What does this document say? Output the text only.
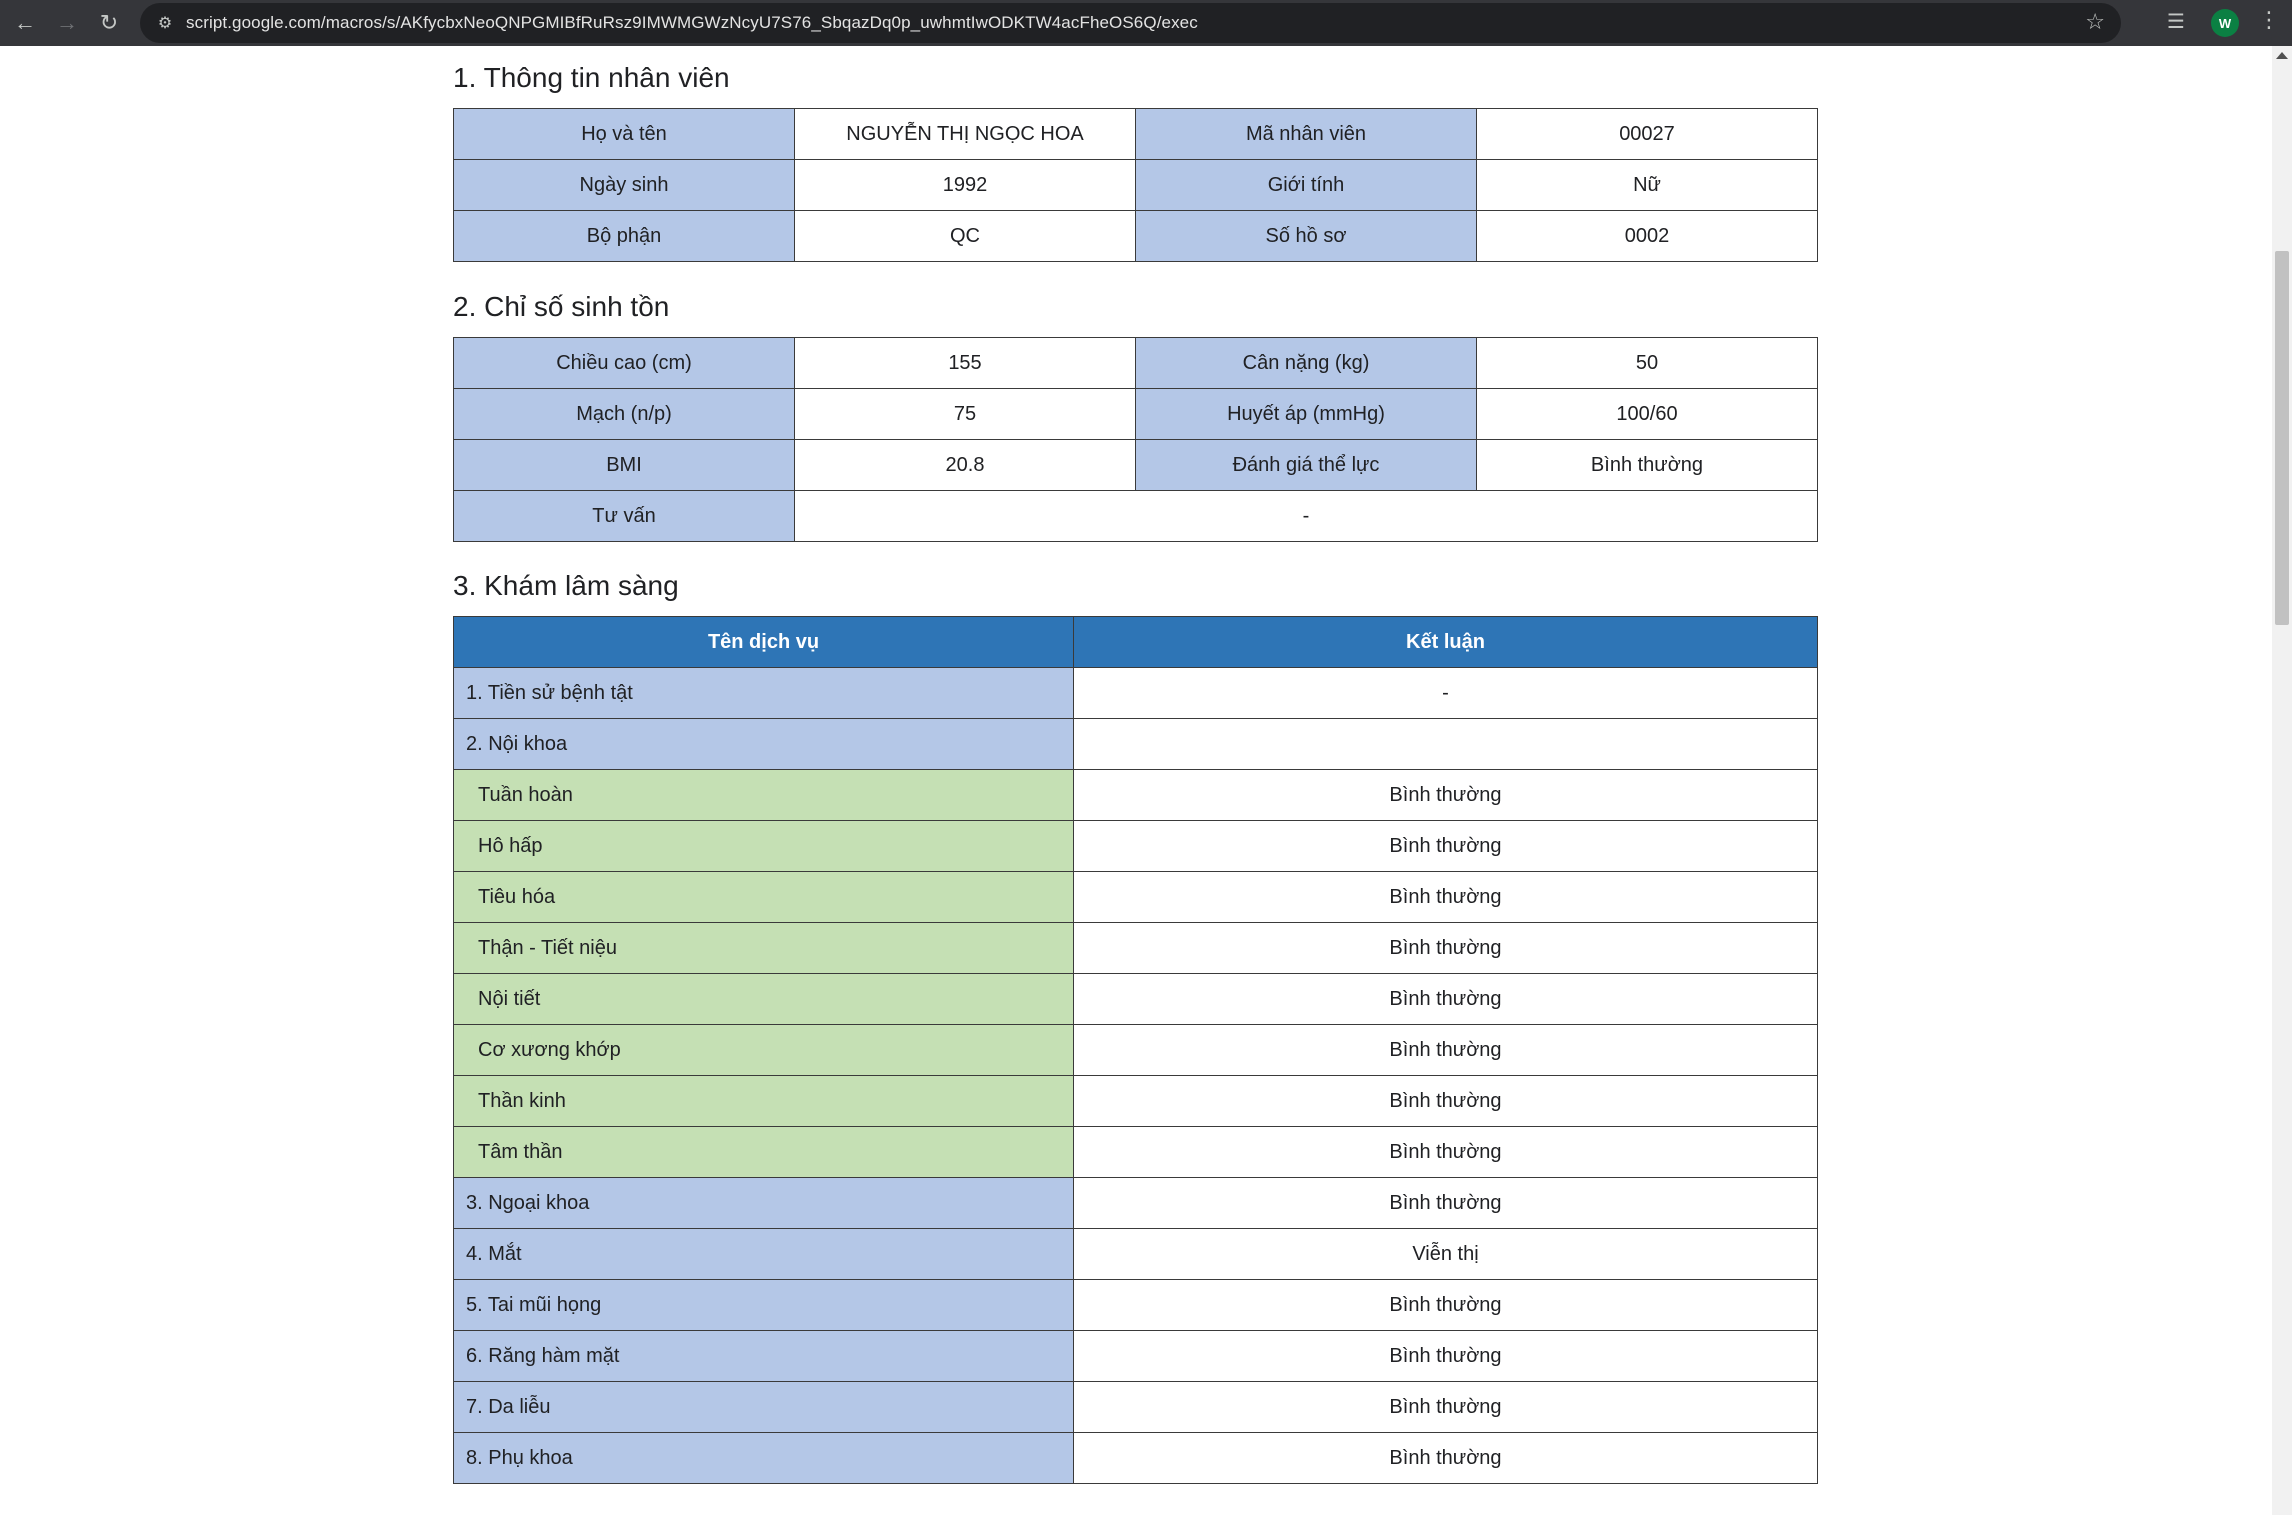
← → ↻	⚙ script.google.com/macros/s/AKfycbxNeoQNPGMIBfRuRsz9IMWMGWzNcyU7S76_SbqazDq0p_uwhmtIwODKTW4acFheOS6Q/exec	☆	☰	W	⋮
1. Thông tin nhân viên
Họ và tên	NGUYỄN THỊ NGỌC HOA	Mã nhân viên	00027
Ngày sinh	1992	Giới tính	Nữ
Bộ phận	QC	Số hồ sơ	0002
2. Chỉ số sinh tồn
Chiều cao (cm)	155	Cân nặng (kg)	50
Mạch (n/p)	75	Huyết áp (mmHg)	100/60
BMI	20.8	Đánh giá thể lực	Bình thường
Tư vấn	-		
3. Khám lâm sàng
Tên dịch vụ	Kết luận
1. Tiền sử bệnh tật	-
2. Nội khoa	
Tuần hoàn	Bình thường
Hô hấp	Bình thường
Tiêu hóa	Bình thường
Thận - Tiết niệu	Bình thường
Nội tiết	Bình thường
Cơ xương khớp	Bình thường
Thần kinh	Bình thường
Tâm thần	Bình thường
3. Ngoại khoa	Bình thường
4. Mắt	Viễn thị
5. Tai mũi họng	Bình thường
6. Răng hàm mặt	Bình thường
7. Da liễu	Bình thường
8. Phụ khoa	Bình thường
